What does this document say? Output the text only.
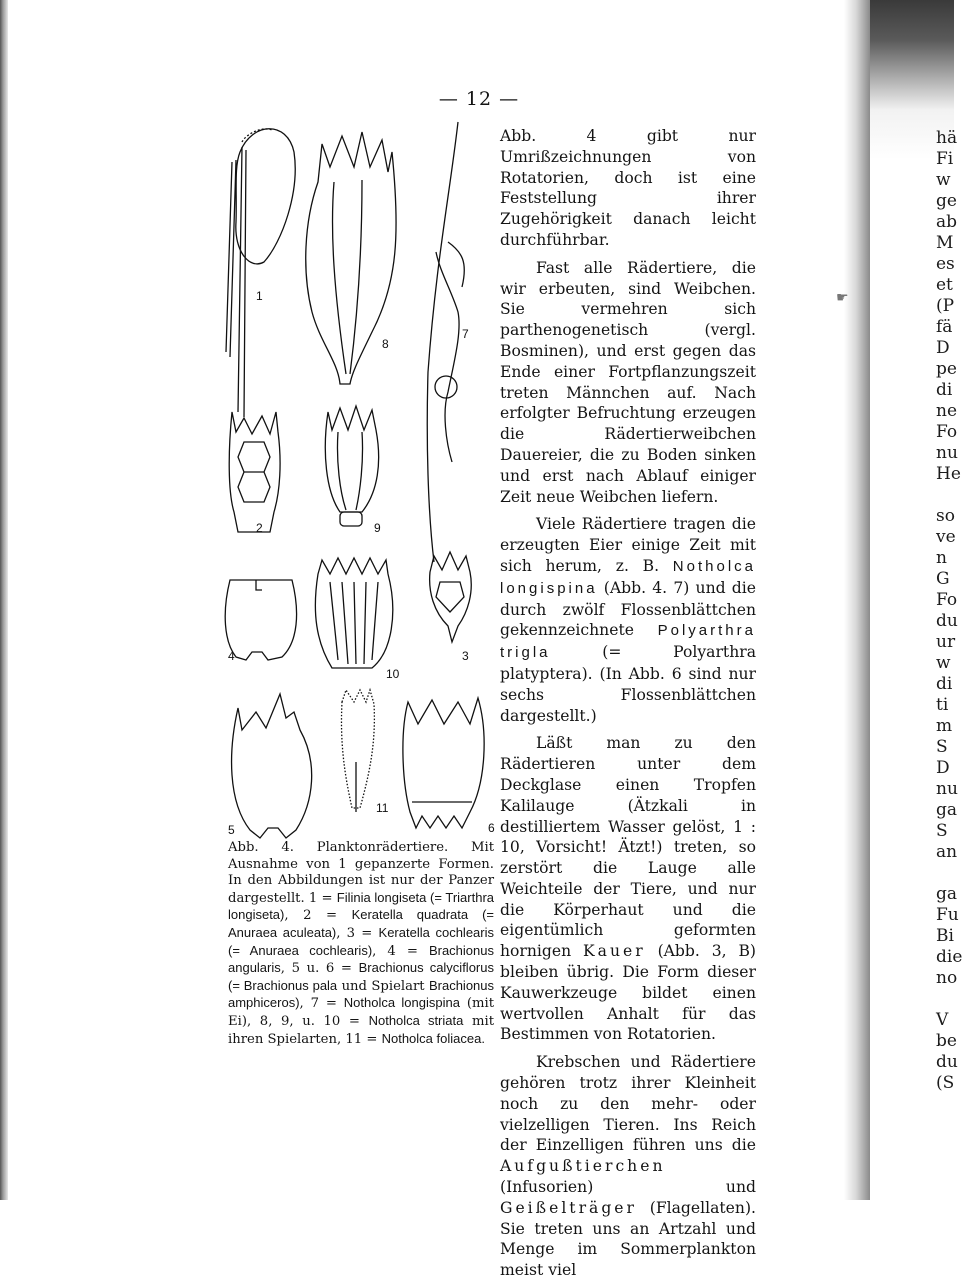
hä
Fi
w
ge
ab
M
es
et
(P
fä
D
pe
di
ne
Fo
nu
He
so
ve
n
G
Fo
du
ur
w
di
ti
m
S
D
nu
ga
S
an
ga
Fu
Bi
die
no
V
be
du
(S
☛
— 12 —
1
2
3
4
5	6
7
8
9
10
11
Abb. 4. Planktonrädertiere. Mit Ausnahme von 1 gepanzerte Formen. In den Abbildungen ist nur der Panzer dargestellt. 1 = Filinia longiseta (= Triarthra longiseta), 2 = Keratella quadrata (= Anuraea aculeata), 3 = Keratella cochlearis (= Anuraea cochlearis), 4 = Brachionus angularis, 5 u. 6 = Brachionus calyciflorus (= Brachionus pala und Spielart Brachionus amphiceros), 7 = Notholca longispina (mit Ei), 8, 9, u. 10 = Notholca striata mit ihren Spielarten, 11 = Notholca foliacea.

Abb. 4 gibt nur Umrißzeichnungen von Rotatorien, doch ist eine Feststellung ihrer Zugehörigkeit danach leicht durchführbar.

Fast alle Rädertiere, die wir erbeuten, sind Weibchen. Sie vermehren sich parthenogenetisch (vergl. Bosminen), und erst gegen das Ende einer Fortpflanzungszeit treten Männchen auf. Nach erfolgter Befruchtung erzeugen die Rädertierweibchen Dauereier, die zu Boden sinken und erst nach Ablauf einiger Zeit neue Weibchen liefern.

Viele Rädertiere tragen die erzeugten Eier einige Zeit mit sich herum, z. B. Notholca longispina (Abb. 4. 7) und die durch zwölf Flossenblättchen gekennzeichnete Polyarthra trigla (= Polyarthra platyptera). (In Abb. 6 sind nur sechs Flossenblättchen dargestellt.)

Läßt man zu den Rädertieren unter dem Deckglase einen Tropfen Kalilauge (Ätzkali in destilliertem Wasser gelöst, 1 : 10, Vorsicht! Ätzt!) treten, so zerstört die Lauge alle Weichteile der Tiere, und nur die Körperhaut und die eigentümlich geformten hornigen Kauer (Abb. 3, B) bleiben übrig. Die Form dieser Kauwerkzeuge bildet einen wertvollen Anhalt für das Bestimmen von Rotatorien.

Krebschen und Rädertiere gehören trotz ihrer Kleinheit noch zu den mehr- oder vielzelligen Tieren. Ins Reich der Einzelligen führen uns die Aufgußtierchen (Infusorien) und Geißelträger (Flagellaten). Sie treten uns an Artzahl und Menge im Sommerplankton meist viel
